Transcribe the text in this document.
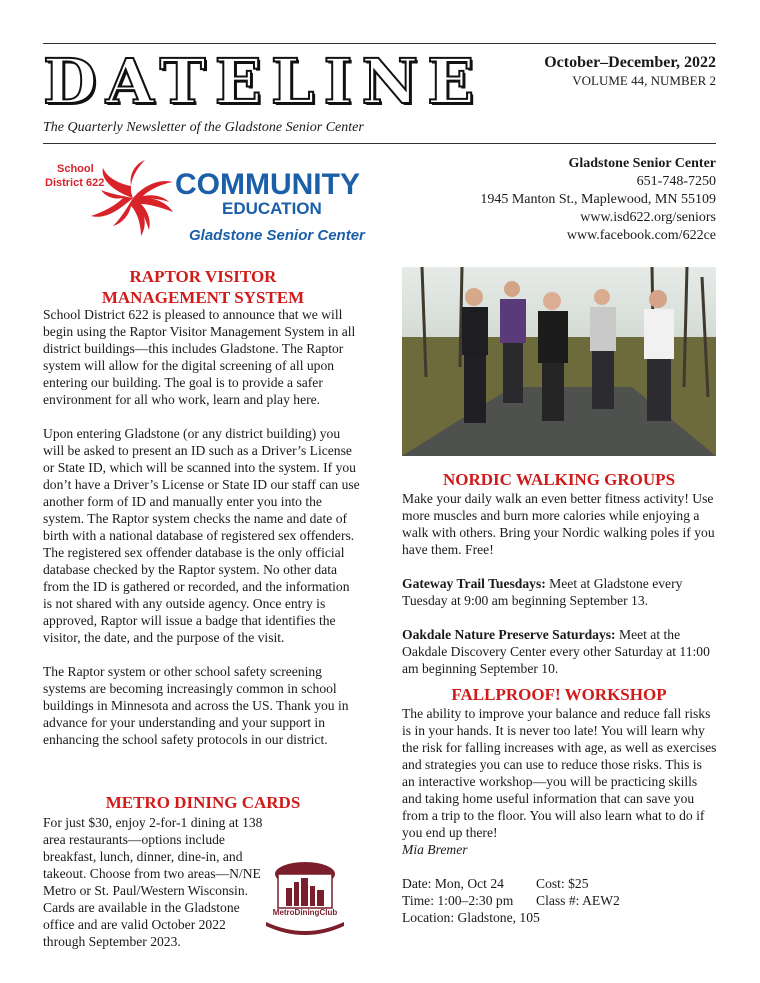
DATELINE	October–December, 2022
VOLUME 44, NUMBER 2
The Quarterly Newsletter of the Gladstone Senior Center
School
District 622 COMMUNITY
EDUCATION
Gladstone Senior Center
Gladstone Senior Center
651-748-7250
1945 Manton St., Maplewood, MN 55109
www.isd622.org/seniors
www.facebook.com/622ce
RAPTOR VISITOR
MANAGEMENT SYSTEM

School District 622 is pleased to announce that we will begin using the Raptor Visitor Management System in all district buildings—this includes Gladstone. The Raptor system will allow for the digital screening of all upon entering our building. The goal is to provide a safer environment for all who work, learn and play here.

Upon entering Gladstone (or any district building) you will be asked to present an ID such as a Driver’s License or State ID, which will be scanned into the system. If you don’t have a Driver’s License or State ID our staff can use another form of ID and manually enter you into the system. The Raptor system checks the name and date of birth with a national database of registered sex offenders. The registered sex offender database is the only official database checked by the Raptor system. No other data from the ID is gathered or recorded, and the information is not shared with any outside agency. Once entry is approved, Raptor will issue a badge that identifies the visitor, the date, and the purpose of the visit.

The Raptor system or other school safety screening systems are becoming increasingly common in school buildings in Minnesota and across the US. Thank you in advance for your understanding and your support in enhancing the school safety protocols in our district.

METRO DINING CARDS

For just $30, enjoy 2-for-1 dining at 138 area restaurants—options include breakfast, lunch, dinner, dine-in, and takeout. Choose from two areas—N/NE Metro or St. Paul/Western Wisconsin. Cards are available in the Gladstone office and are valid October 2022 through September 2023.

MetroDiningClub
NORDIC WALKING GROUPS

Make your daily walk an even better fitness activity! Use more muscles and burn more calories while enjoying a walk with others. Bring your Nordic walking poles if you have them. Free!

Gateway Trail Tuesdays: Meet at Gladstone every Tuesday at 9:00 am beginning September 13.

Oakdale Nature Preserve Saturdays: Meet at the Oakdale Discovery Center every other Saturday at 11:00 am beginning September 10.

FALLPROOF! WORKSHOP

The ability to improve your balance and reduce fall risks is in your hands. It is never too late! You will learn why the risk for falling increases with age, as well as exercises and strategies you can use to reduce those risks. This is an interactive workshop—you will be practicing skills and taking home useful information that can save you from a trip to the floor. You will also learn what to do if you end up there!

Mia Bremer

Date: Mon, Oct 24 Cost: $25

Time: 1:00–2:30 pm Class #: AEW2

Location: Gladstone, 105
